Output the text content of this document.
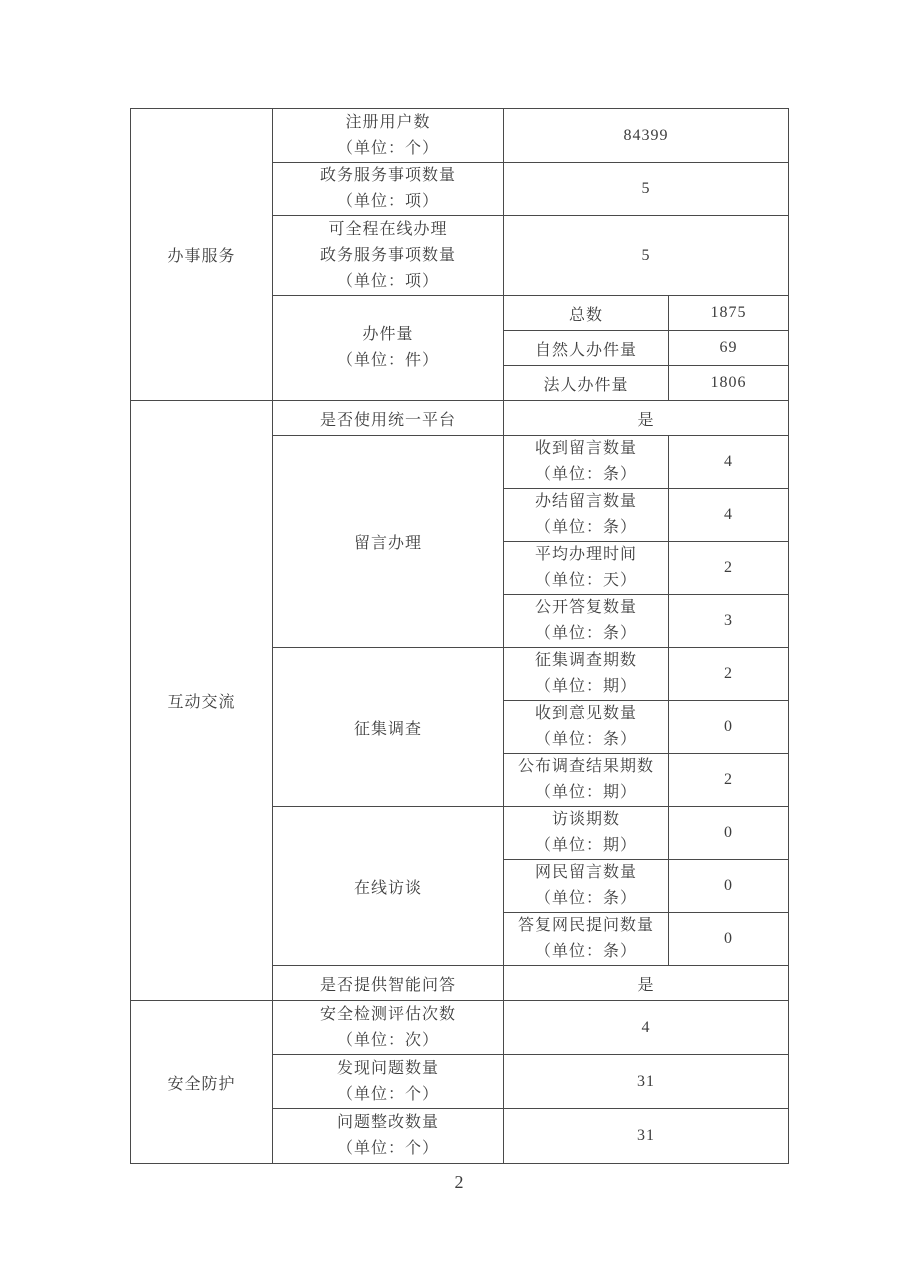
办事服务	注册用户数
（单位：个）	84399	

	政务服务事项数量
（单位：项）	5	

	可全程在线办理
政务服务事项数量
（单位：项）	5	

	办件量
（单位：件）	总数	1875
		自然人办件量	69
		法人办件量	1806
互动交流	是否使用统一平台	是	
	留言办理	收到留言数量
（单位：条）	4

		办结留言数量
（单位：条）	4

		平均办理时间
（单位：天）	2

		公开答复数量
（单位：条）	3
	征集调查	征集调查期数
（单位：期）	2

		收到意见数量
（单位：条）	0

		公布调查结果期数
（单位：期）	2
	在线访谈	访谈期数
（单位：期）	0

		网民留言数量
（单位：条）	0

		答复网民提问数量
（单位：条）	0
	是否提供智能问答	是	
安全防护	安全检测评估次数
（单位：次）	4	

	发现问题数量
（单位：个）	31	

	问题整改数量
（单位：个）	31	
2
